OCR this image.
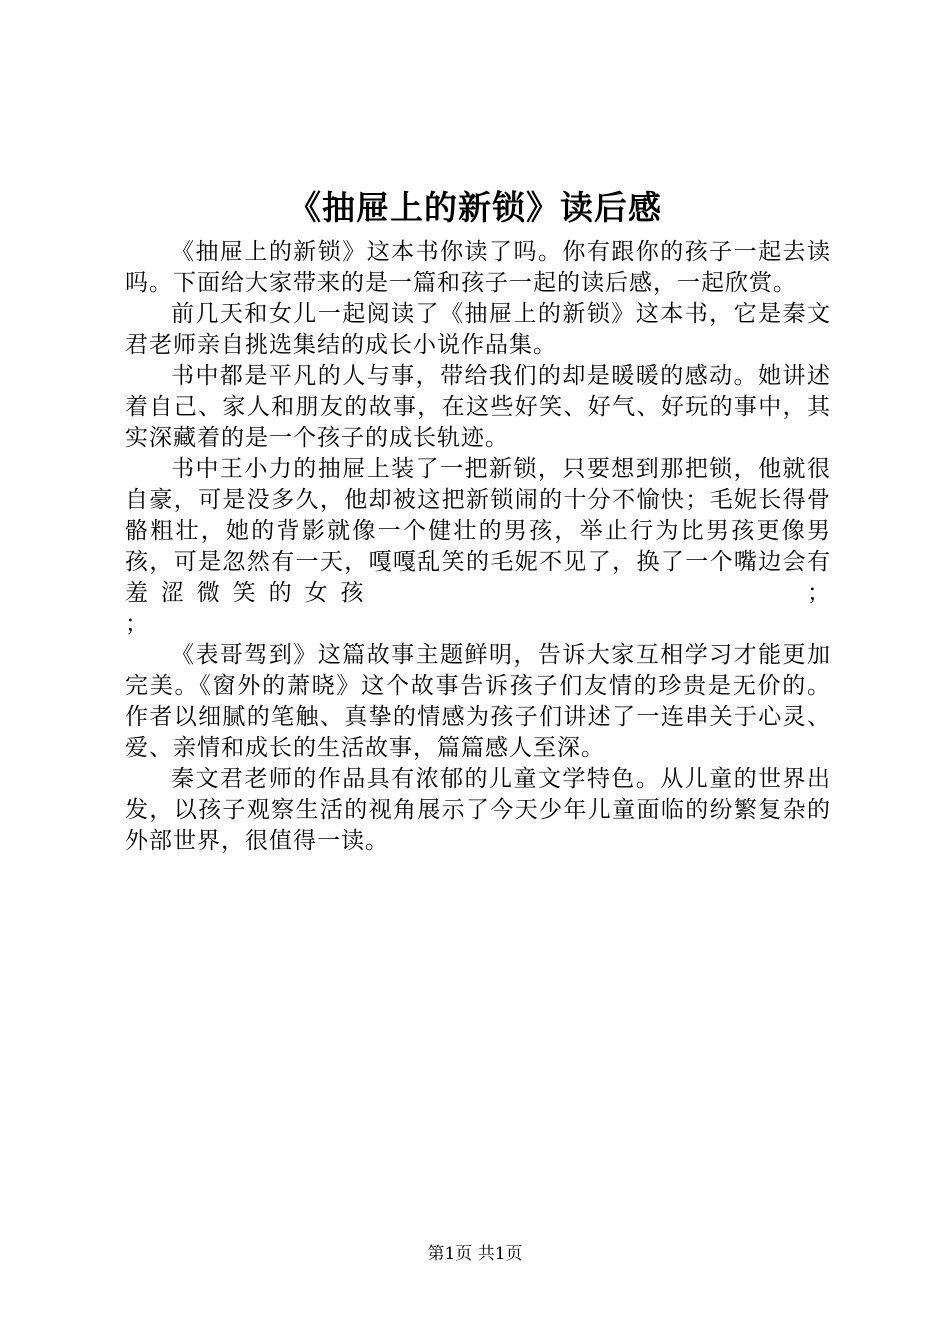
《抽屉上的新锁》读后感

《抽屉上的新锁》这本书你读了吗。你有跟你的孩子一起去读吗。下面给大家带来的是一篇和孩子一起的读后感，一起欣赏。

前几天和女儿一起阅读了《抽屉上的新锁》这本书，它是秦文君老师亲自挑选集结的成长小说作品集。

书中都是平凡的人与事，带给我们的却是暖暖的感动。她讲述着自己、家人和朋友的故事，在这些好笑、好气、好玩的事中，其实深藏着的是一个孩子的成长轨迹。

书中王小力的抽屉上装了一把新锁，只要想到那把锁，他就很自豪，可是没多久，他却被这把新锁闹的十分不愉快；毛妮长得骨骼粗壮，她的背影就像一个健壮的男孩，举止行为比男孩更像男孩，可是忽然有一天，嘎嘎乱笑的毛妮不见了，换了一个嘴边会有羞涩微笑的女孩　　　　　　　　　　　　；

；

《表哥驾到》这篇故事主题鲜明，告诉大家互相学习才能更加完美。《窗外的萧晓》这个故事告诉孩子们友情的珍贵是无价的。作者以细腻的笔触、真挚的情感为孩子们讲述了一连串关于心灵、爱、亲情和成长的生活故事，篇篇感人至深。

秦文君老师的作品具有浓郁的儿童文学特色。从儿童的世界出发，以孩子观察生活的视角展示了今天少年儿童面临的纷繁复杂的外部世界，很值得一读。

第1页 共1页
